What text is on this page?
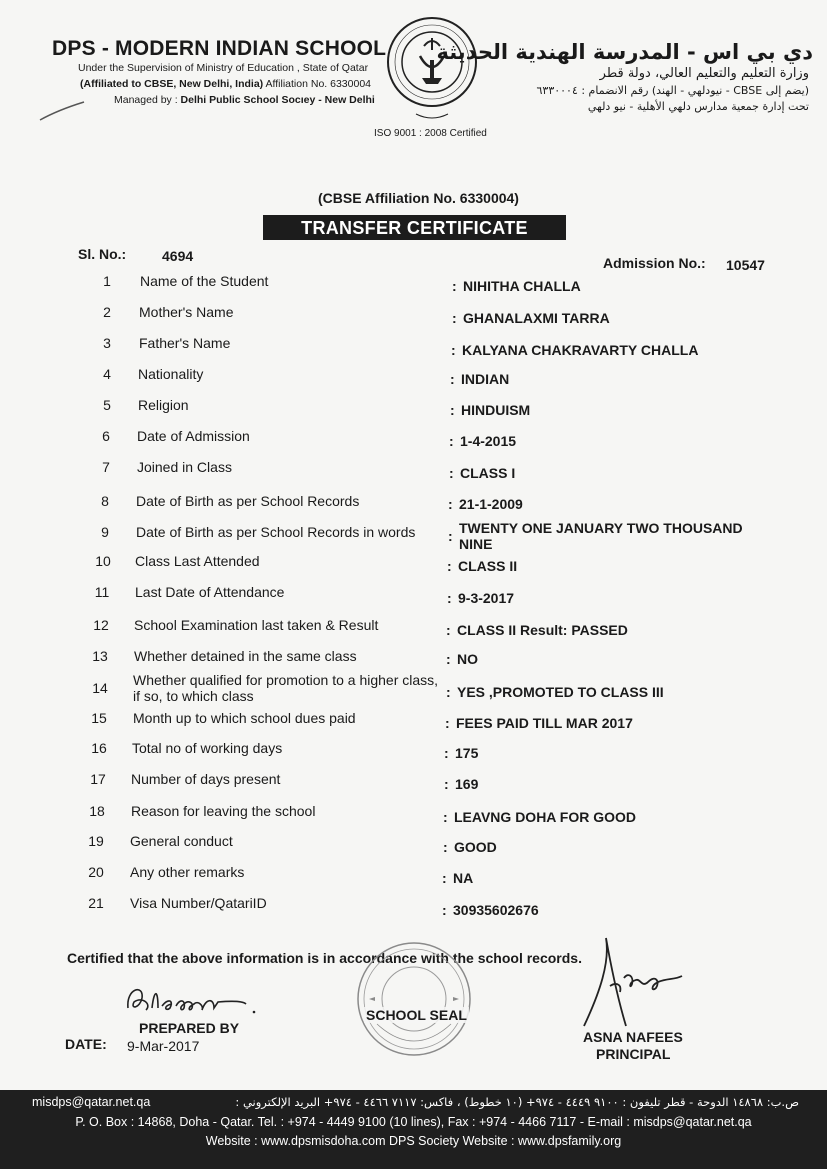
DPS - MODERN INDIAN SCHOOL
Under the Supervision of Ministry of Education , State of Qatar
(Affiliated to CBSE, New Delhi, India) Affiliation No. 6330004
Managed by : Delhi Public School Socıey - New Delhi
دي بي اس - المدرسة الهندية الحديثة
وزارة التعليم والتعليم العالي، دولة قطر
(يضم إلى CBSE - نيودلهي - الهند) رقم الانضمام : ٦٣٣٠٠٠٤
تحت إدارة جمعية مدارس دلهي الأهلية - نيو دلهي
ISO 9001 : 2008 Certified
(CBSE Affiliation No. 6330004)
TRANSFER CERTIFICATE
Sl. No.:	4694	Admission No.: 10547
1	Name of the Student	: NIHITHA CHALLA
2	Mother's Name	: GHANALAXMI TARRA
3	Father's Name	: KALYANA CHAKRAVARTY CHALLA
4	Nationality	: INDIAN
5	Religion	: HINDUISM
6	Date of Admission	: 1-4-2015
7	Joined in Class	: CLASS I
8	Date of Birth as per School Records	: 21-1-2009
9	Date of Birth as per School Records in words : TWENTY ONE JANUARY TWO THOUSAND NINE
10	Class Last Attended	: CLASS II
11	Last Date of Attendance	: 9-3-2017
12	School Examination last taken & Result	: CLASS II Result: PASSED
13	Whether detained in the same class	: NO
14	Whether qualified for promotion to a higher class, if so, to which class	: YES ,PROMOTED TO CLASS III
15	Month up to which school dues paid	: FEES PAID TILL MAR 2017
16	Total no of working days	: 175
17	Number of days present	: 169
18	Reason for leaving the school	: LEAVNG DOHA FOR GOOD
19	General conduct	: GOOD
20	Any other remarks	: NA
21	Visa Number/QatariID	: 30935602676
Certified that the above information is in accordance with the school records.
PREPARED BY
DATE: 9-Mar-2017
SCHOOL SEAL
ASNA NAFEES
PRINCIPAL
misdps@qatar.net.qa	ص.ب: ١٤٨٦٨ الدوحة - قطر تليفون : ٩١٠٠ ٤٤٤٩ - ٩٧٤+ (١٠ خطوط) ، فاكس: ٧١١٧ ٤٤٦٦ - ٩٧٤+ البريد الإلكتروني :
P. O. Box : 14868, Doha - Qatar. Tel. : +974 - 4449 9100 (10 lines), Fax : +974 - 4466 7117 - E-mail : misdps@qatar.net.qa
Website : www.dpsmisdoha.com DPS Society Website : www.dpsfamily.org
